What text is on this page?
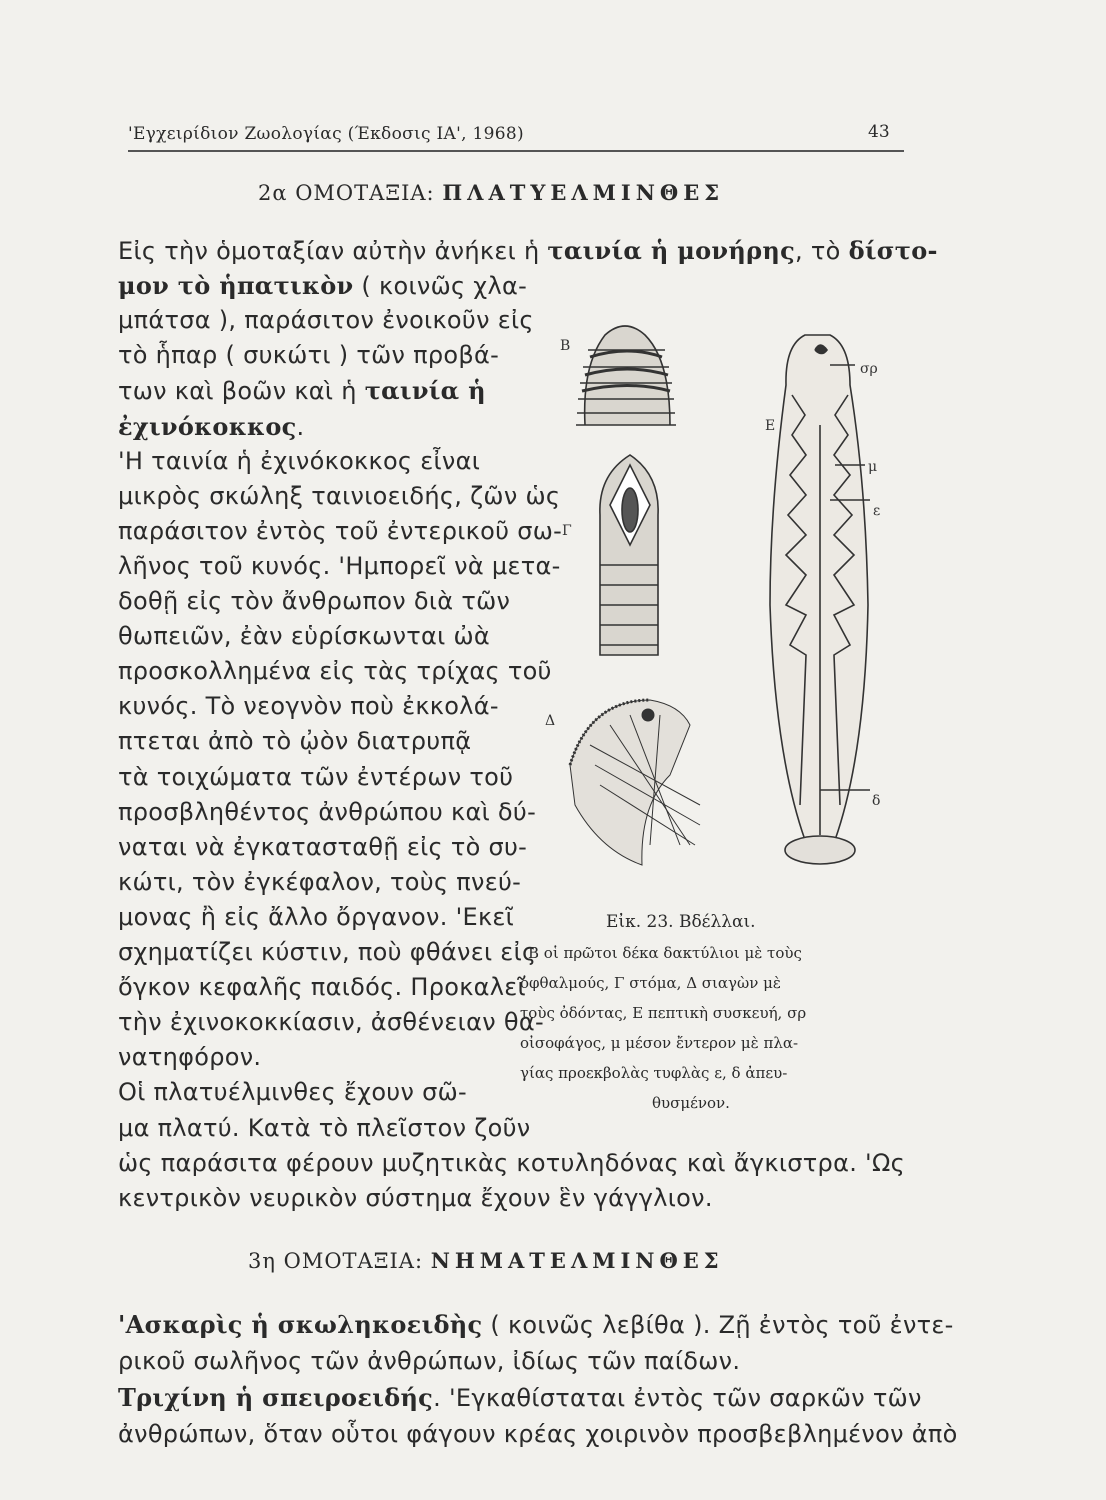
'Εγχειρίδιον Ζωολογίας (Έκδοσις ΙΑ', 1968)	43
2α ΟΜΟΤΑΞΙΑ: ΠΛΑΤΥΕΛΜΙΝΘΕΣ
Εἰς τὴν ὁμοταξίαν αὐτὴν ἀνήκει ἡ ταινία ἡ μονήρης, τὸ δίστο-
μον τὸ ἡπατικὸν ( κοινῶς χλα-
μπάτσα ), παράσιτον ἐνοικοῦν εἰς
τὸ ἧπαρ ( συκώτι ) τῶν προβά-
των καὶ βοῶν καὶ ἡ ταινία ἡ
ἐχινόκοκκος.
'Η ταινία ἡ ἐχινόκοκκος εἶναι
μικρὸς σκώληξ ταινιοειδής, ζῶν ὡς
παράσιτον ἐντὸς τοῦ ἐντερικοῦ σω-
λῆνος τοῦ κυνός. 'Ημπορεῖ νὰ μετα-
δοθῇ εἰς τὸν ἄνθρωπον διὰ τῶν
θωπειῶν, ἐὰν εὑρίσκωνται ὠὰ
προσκολλημένα εἰς τὰς τρίχας τοῦ
κυνός. Τὸ νεογνὸν ποὺ ἐκκολά-
πτεται ἀπὸ τὸ ᾠὸν διατρυπᾷ
τὰ τοιχώματα τῶν ἐντέρων τοῦ
προσβληθέντος ἀνθρώπου καὶ δύ-
ναται νὰ ἐγκατασταθῇ εἰς τὸ συ-
κώτι, τὸν ἐγκέφαλον, τοὺς πνεύ-
μονας ἢ εἰς ἄλλο ὄργανον. 'Εκεῖ
σχηματίζει κύστιν, ποὺ φθάνει εἰς
ὄγκον κεφαλῆς παιδός. Προκαλεῖ
τὴν ἐχινοκοκκίασιν, ἀσθένειαν θα-
νατηφόρον.
Οἱ πλατυέλμινθες ἔχουν σῶ-
μα πλατύ. Κατὰ τὸ πλεῖστον ζοῦν
ὡς παράσιτα φέρουν μυζητικὰς κοτυληδόνας καὶ ἄγκιστρα. 'Ως
κεντρικὸν νευρικὸν σύστημα ἔχουν ἓν γάγγλιον.
B
Γ
Δ
Ε
σρ
μ
ε
δ
Εἰκ. 23. Βδέλλαι.
B οἱ πρῶτοι δέκα δακτύλιοι μὲ τοὺς
ὀφθαλμούς, Γ στόμα, Δ σιαγὼν μὲ
τοὺς ὀδόντας, Ε πεπτικὴ συσκευή, σρ
οἰσοφάγος, μ μέσον ἔντερον μὲ πλα-
γίας προεκβολὰς τυφλὰς ε, δ ἀπευ-
θυσμένον.
3η ΟΜΟΤΑΞΙΑ: ΝΗΜΑΤΕΛΜΙΝΘΕΣ
'Ασκαρὶς ἡ σκωληκοειδὴς ( κοινῶς λεβίθα ). Ζῇ ἐντὸς τοῦ ἐντε-
ρικοῦ σωλῆνος τῶν ἀνθρώπων, ἰδίως τῶν παίδων.
Τριχίνη ἡ σπειροειδής. 'Εγκαθίσταται ἐντὸς τῶν σαρκῶν τῶν
ἀνθρώπων, ὅταν οὗτοι φάγουν κρέας χοιρινὸν προσβεβλημένον ἀπὸ
